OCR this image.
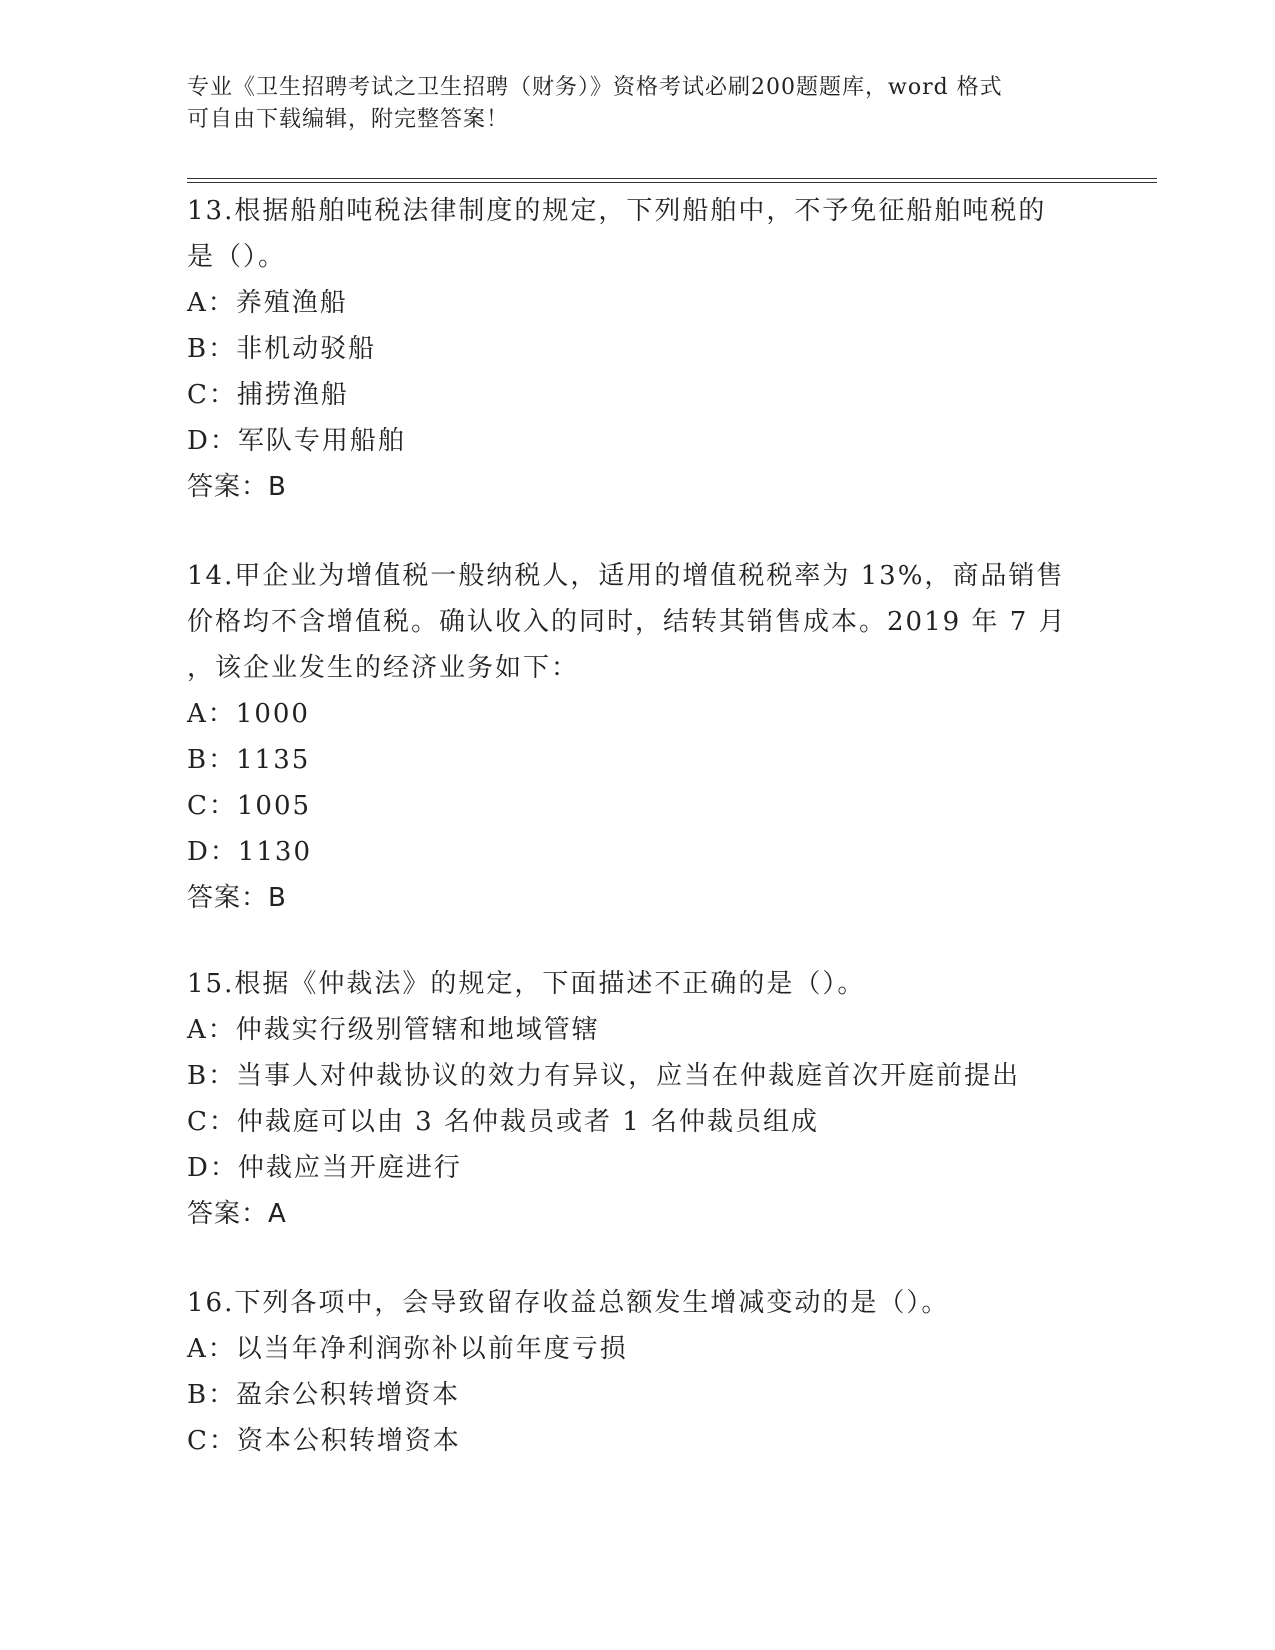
专业《卫生招聘考试之卫生招聘（财务）》资格考试必刷200题题库，word 格式
可自由下载编辑，附完整答案！

13.根据船舶吨税法律制度的规定，下列船舶中，不予免征船舶吨税的

是（）。

A：养殖渔船

B：非机动驳船

C：捕捞渔船

D：军队专用船舶

答案：B

14.甲企业为增值税一般纳税人，适用的增值税税率为 13%，商品销售

价格均不含增值税。确认收入的同时，结转其销售成本。2019 年 7 月

，该企业发生的经济业务如下：

A：1000

B：1135

C：1005

D：1130

答案：B

15.根据《仲裁法》的规定，下面描述不正确的是（）。

A：仲裁实行级别管辖和地域管辖

B：当事人对仲裁协议的效力有异议，应当在仲裁庭首次开庭前提出

C：仲裁庭可以由 3 名仲裁员或者 1 名仲裁员组成

D：仲裁应当开庭进行

答案：A

16.下列各项中，会导致留存收益总额发生增减变动的是（）。

A：以当年净利润弥补以前年度亏损

B：盈余公积转增资本

C：资本公积转增资本
